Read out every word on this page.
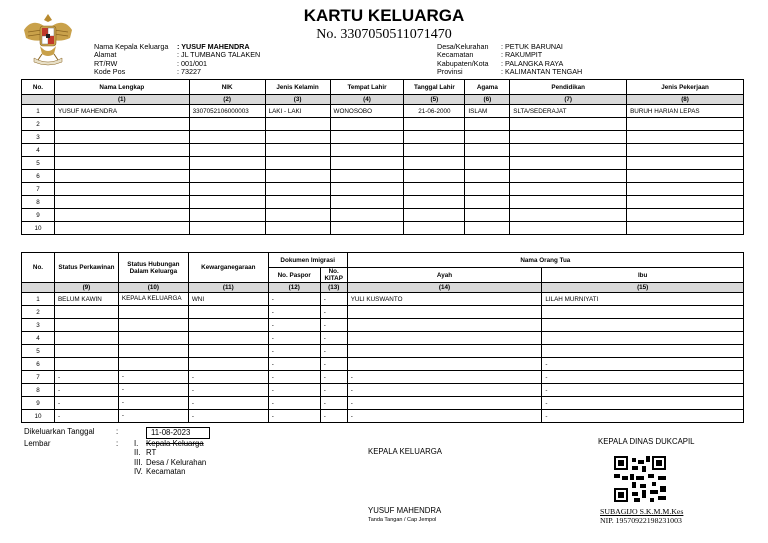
KARTU KELUARGA
No. 3307050511071470
Nama Kepala Keluarga	: YUSUF MAHENDRA
Alamat	: JL TUMBANG TALAKEN
RT/RW	: 001/001
Kode Pos	: 73227
Desa/Kelurahan	: PETUK BARUNAI
Kecamatan	: RAKUMPIT
Kabupaten/Kota	: PALANGKA RAYA
Provinsi	: KALIMANTAN TENGAH
No.	Nama Lengkap	NIK	Jenis Kelamin	Tempat Lahir	Tanggal Lahir	Agama	Pendidikan	Jenis Pekerjaan
	(1)	(2)	(3)	(4)	(5)	(6)	(7)	(8)
1	YUSUF MAHENDRA	3307052106000003	LAKI - LAKI	WONOSOBO	21-06-2000	ISLAM	SLTA/SEDERAJAT	BURUH HARIAN LEPAS
2								
3								
4								
5								
6								
7								
8								
9								
10								
No.	Status Perkawinan	Status Hubungan Dalam Keluarga	Kewarganegaraan	Dokumen Imigrasi		Nama Orang Tua	
				No. Paspor	No. KITAP	Ayah	Ibu
	(9)	(10)	(11)	(12)	(13)	(14)	(15)
1	BELUM KAWIN	KEPALA KELUARGA	WNI	-	-	YULI KUSWANTO	LILAH MURNIYATI
2				-	-		
3				-	-		
4				-	-		
5				-	-		
6				-	-		-
7	-	-	-	-	-	-	-
8	-	-	-	-	-	-	-
9	-	-	-	-	-	-	-
10	-	-	-	-	-	-	-
Dikeluarkan Tanggal	:	11-08-2023
Lembar	:	I. Kepala Keluarga
II. RT
III. Desa / Kelurahan
IV. Kecamatan
KEPALA KELUARGA
KEPALA DINAS DUKCAPIL
YUSUF MAHENDRA
Tanda Tangan / Cap Jempol
SUBAGIJO S.K.M.M.Kes
NIP. 19570922198231003
